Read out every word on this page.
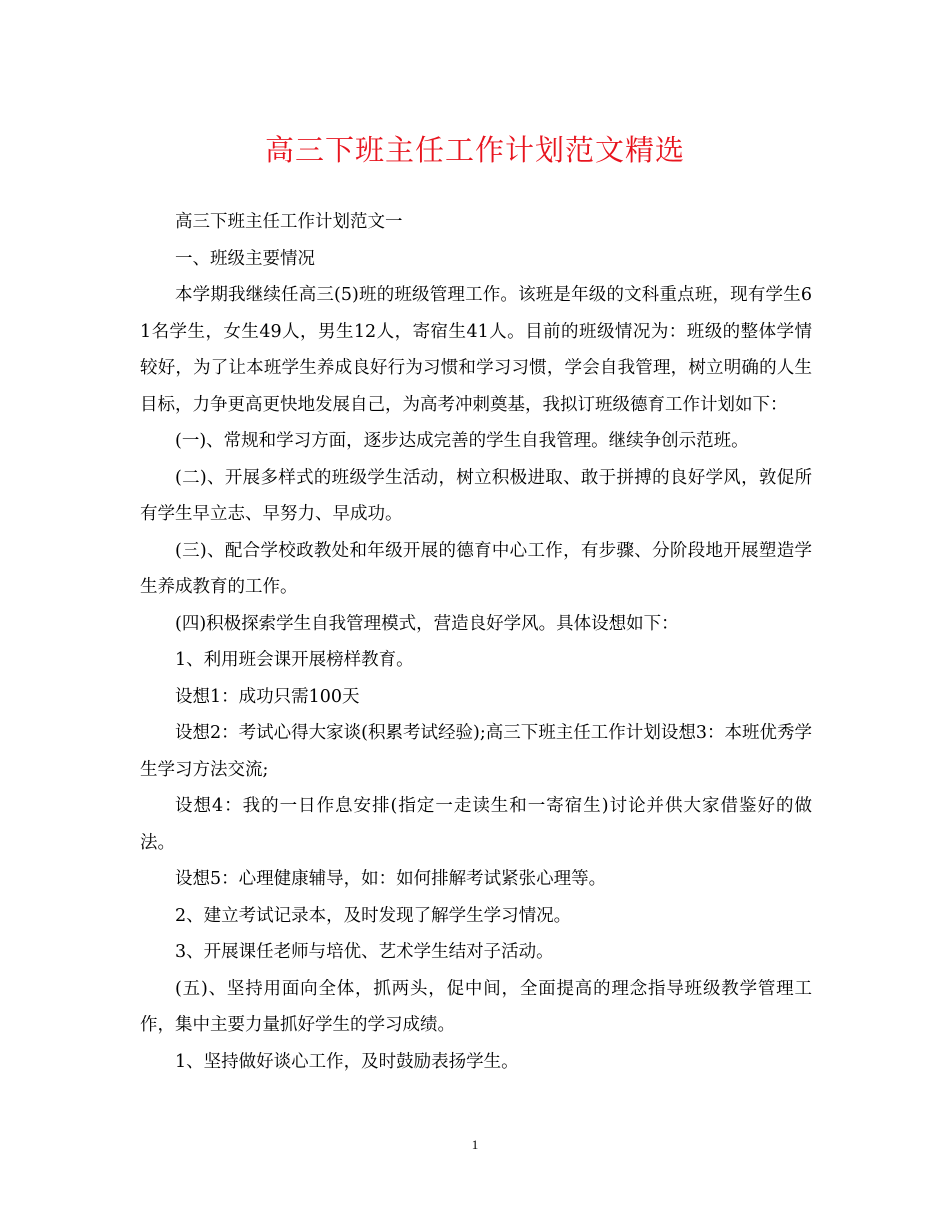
高三下班主任工作计划范文精选

高三下班主任工作计划范文一

一、班级主要情况

本学期我继续任高三(5)班的班级管理工作。该班是年级的文科重点班，现有学生61名学生，女生49人，男生12人，寄宿生41人。目前的班级情况为：班级的整体学情较好，为了让本班学生养成良好行为习惯和学习习惯，学会自我管理，树立明确的人生目标，力争更高更快地发展自己，为高考冲刺奠基，我拟订班级德育工作计划如下：

(一)、常规和学习方面，逐步达成完善的学生自我管理。继续争创示范班。

(二)、开展多样式的班级学生活动，树立积极进取、敢于拼搏的良好学风，敦促所有学生早立志、早努力、早成功。

(三)、配合学校政教处和年级开展的德育中心工作，有步骤、分阶段地开展塑造学生养成教育的工作。

(四)积极探索学生自我管理模式，营造良好学风。具体设想如下：

1、利用班会课开展榜样教育。

设想1：成功只需100天

设想2：考试心得大家谈(积累考试经验);高三下班主任工作计划设想3：本班优秀学生学习方法交流;

设想4：我的一日作息安排(指定一走读生和一寄宿生)讨论并供大家借鉴好的做法。

设想5：心理健康辅导，如：如何排解考试紧张心理等。

2、建立考试记录本，及时发现了解学生学习情况。

3、开展课任老师与培优、艺术学生结对子活动。

(五)、坚持用面向全体，抓两头，促中间，全面提高的理念指导班级教学管理工作，集中主要力量抓好学生的学习成绩。

1、坚持做好谈心工作，及时鼓励表扬学生。

1
